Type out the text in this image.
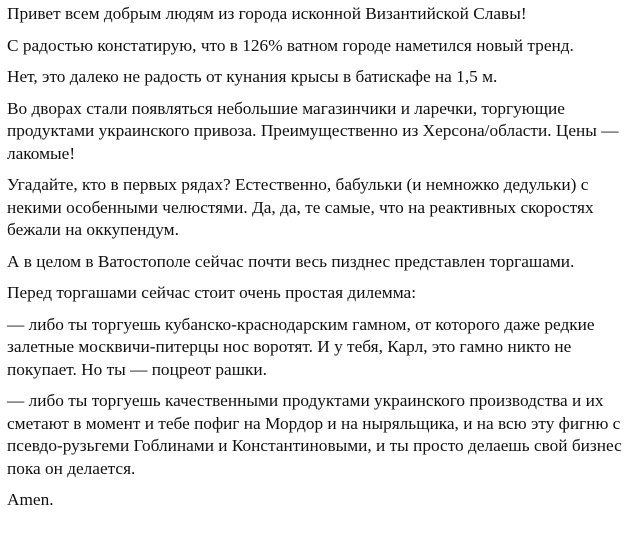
Привет всем добрым людям из города исконной Византийской Славы!

С радостью констатирую, что в 126% ватном городе наметился новый тренд.

Нет, это далеко не радость от кунания крысы в батискафе на 1,5 м.

Во дворах стали появляться небольшие магазинчики и ларечки, торгующие продуктами украинского привоза. Преимущественно из Херсона/области. Цены — лакомые!

Угадайте, кто в первых рядах? Естественно, бабульки (и немножко дедульки) с некими особенными челюстями. Да, да, те самые, что на реактивных скоростях бежали на оккупендум.

А в целом в Ватостополе сейчас почти весь пизднес представлен торгашами.

Перед торгашами сейчас стоит очень простая дилемма:

— либо ты торгуешь кубанско-краснодарским гамном, от которого даже редкие залетные москвичи-питерцы нос воротят. И у тебя, Карл, это гамно никто не покупает. Но ты — поцреот рашки.

— либо ты торгуешь качественными продуктами украинского производства и их сметают в момент и тебе пофиг на Мордор и на ныряльщика, и на всю эту фигню с псевдо-рузьгеми Гоблинами и Константиновыми, и ты просто делаешь свой бизнес пока он делается.

Amen.
